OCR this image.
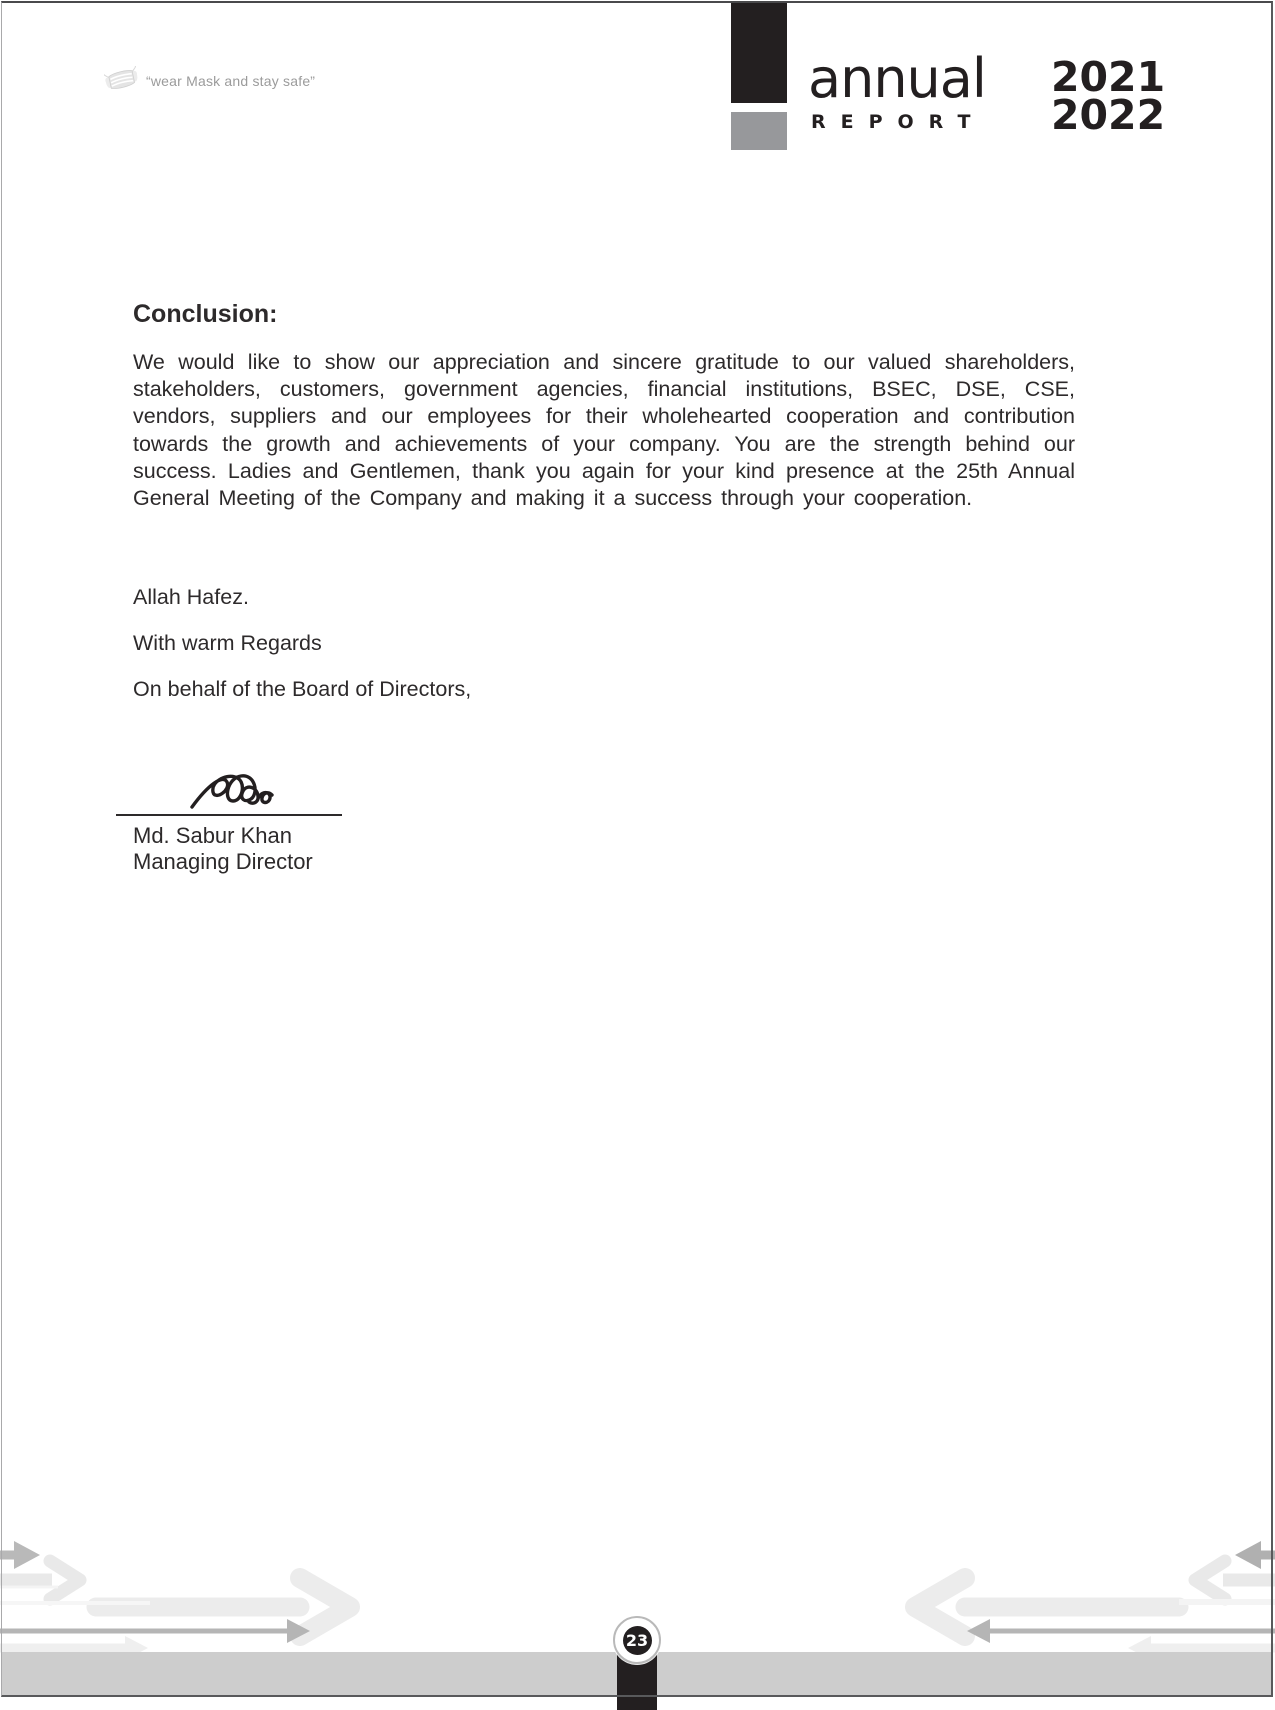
“wear Mask and stay safe”	annual
REPORT
2021
2022
Conclusion:

We would like to show our appreciation and sincere gratitude to our valued shareholders, stakeholders, customers, government agencies, financial institutions, BSEC, DSE, CSE, vendors, suppliers and our employees for their wholehearted cooperation and contribution towards the growth and achievements of your company. You are the strength behind our success. Ladies and Gentlemen, thank you again for your kind presence at the 25th Annual General Meeting of the Company and making it a success through your cooperation.

Allah Hafez.
With warm Regards
On behalf of the Board of Directors,
Md. Sabur Khan
Managing Director
23
